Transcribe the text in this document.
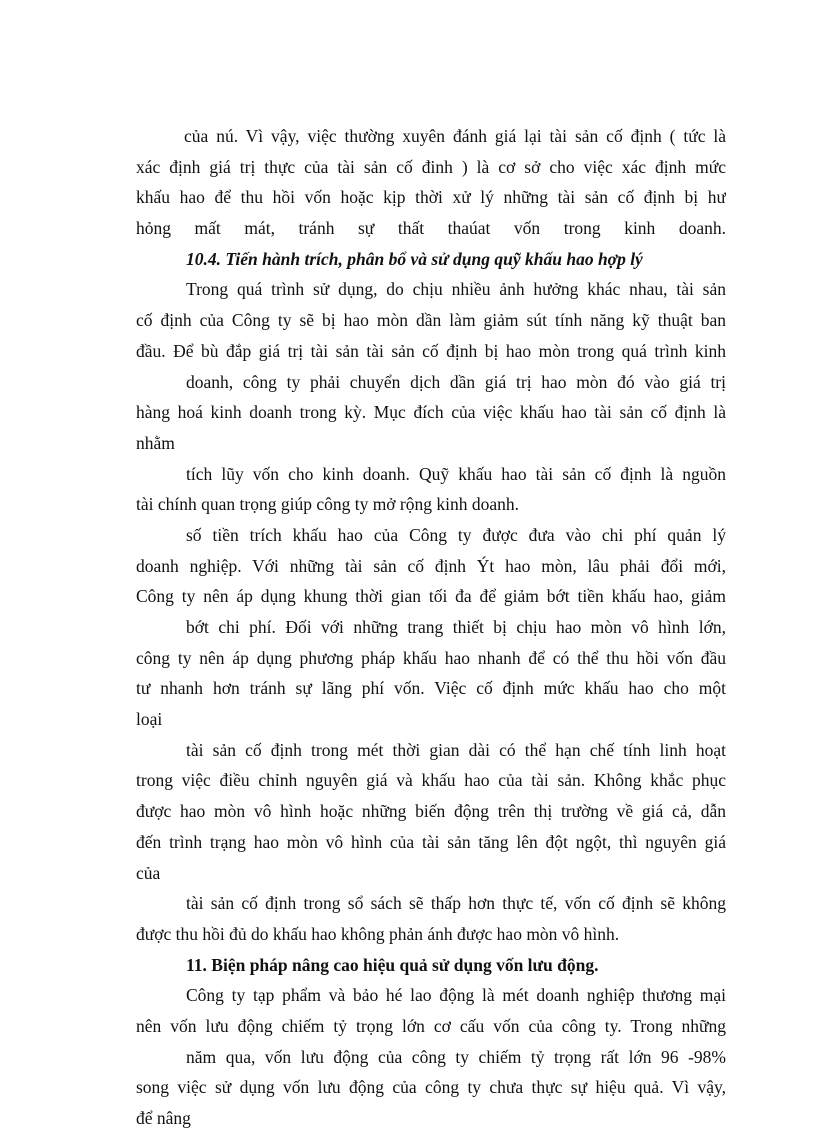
của nú. Vì vậy, việc thường xuyên đánh giá lại tài sản cố định ( tức là
xác định giá trị thực của tài sản cố đinh ) là cơ sở cho việc xác định mức
khấu hao để thu hồi vốn hoặc kịp thời xử lý những tài sản cố định bị hư
hỏng mất mát, tránh sự thất thaúat vốn trong kinh doanh.
10.4. Tiến hành trích, phân bổ và sử dụng quỹ khấu hao hợp lý
Trong quá trình sử dụng, do chịu nhiều ảnh hưởng khác nhau, tài sản
cố định của Công ty sẽ bị hao mòn dần làm giảm sút tính năng kỹ thuật ban
đầu. Để bù đắp giá trị tài sản tài sản cố định bị hao mòn trong quá trình kinh
doanh, công ty phải chuyển dịch dần giá trị hao mòn đó vào giá trị
hàng hoá kinh doanh trong kỳ. Mục đích của việc khấu hao tài sản cố định là
nhằm
tích lũy vốn cho kinh doanh. Quỹ khấu hao tài sản cố định là nguồn
tài chính quan trọng giúp công ty mở rộng kinh doanh.
số tiền trích khấu hao của Công ty được đưa vào chi phí quản lý
doanh nghiệp. Với những tài sản cố định Ýt hao mòn, lâu phải đổi mới,
Công ty nên áp dụng khung thời gian tối đa để giảm bớt tiền khấu hao, giảm
bớt chi phí. Đối với những trang thiết bị chịu hao mòn vô hình lớn,
công ty nên áp dụng phương pháp khấu hao nhanh để có thể thu hồi vốn đầu
tư nhanh hơn tránh sự lãng phí vốn. Việc cố định mức khấu hao cho một
loại
tài sản cố định trong mét thời gian dài có thể hạn chế tính linh hoạt
trong việc điều chỉnh nguyên giá và khấu hao của tài sản. Không khắc phục
được hao mòn vô hình hoặc những biến động trên thị trường về giá cả, dẫn
đến trình trạng hao mòn vô hình của tài sản tăng lên đột ngột, thì nguyên giá
của
tài sản cố định trong sổ sách sẽ thấp hơn thực tế, vốn cố định sẽ không
được thu hồi đủ do khấu hao không phản ánh được hao mòn vô hình.
11. Biện pháp nâng cao hiệu quả sử dụng vốn lưu động.
Công ty tạp phẩm và bảo hé lao động là mét doanh nghiệp thương mại
nên vốn lưu động chiếm tỷ trọng lớn cơ cấu vốn của công ty. Trong những
năm qua, vốn lưu động của công ty chiếm tỷ trọng rất lớn 96 -98%
song việc sử dụng vốn lưu động của công ty chưa thực sự hiệu quả. Vì vậy,
để nâng
